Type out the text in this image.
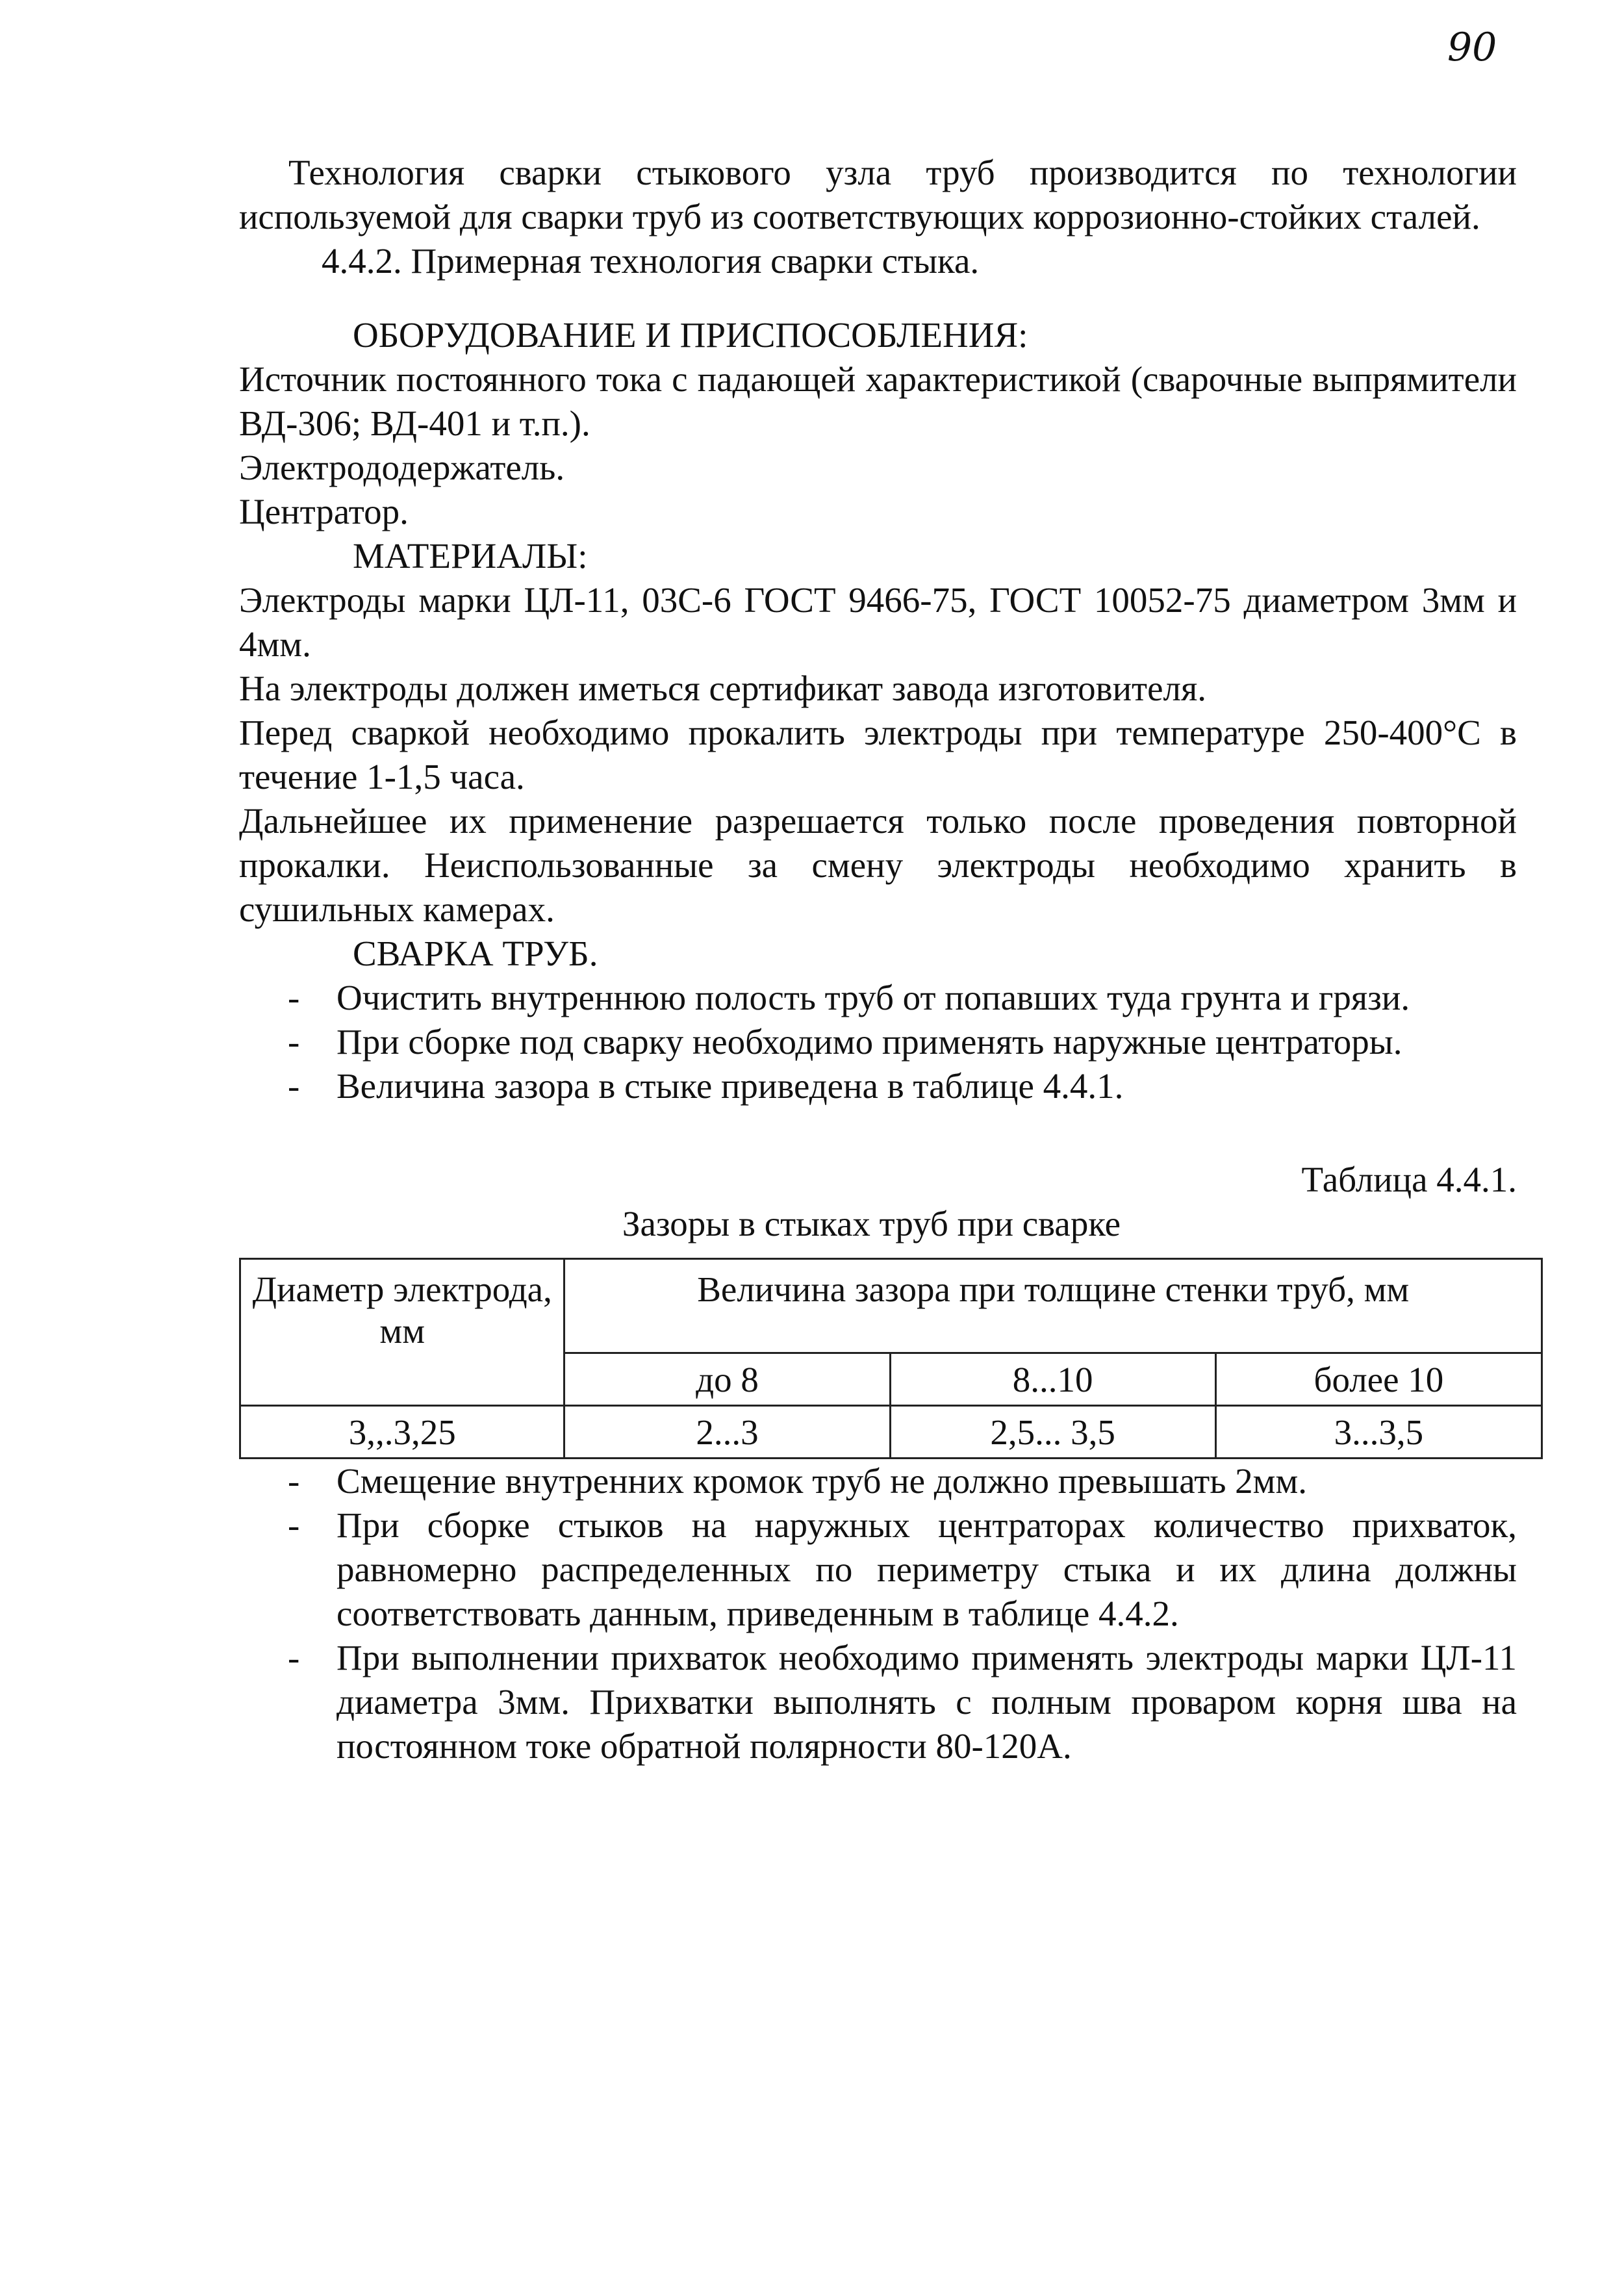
90

Технология сварки стыкового узла труб производится по технологии используемой для сварки труб из соответствующих коррозионно-стойких сталей.

4.4.2. Примерная технология сварки стыка.

ОБОРУДОВАНИЕ И ПРИСПОСОБЛЕНИЯ:

Источник постоянного тока с падающей характеристикой (сварочные выпрямители ВД-306; ВД-401 и т.п.).

Электрододержатель.

Центратор.

МАТЕРИАЛЫ:

Электроды марки ЦЛ-11, 03С-6 ГОСТ 9466-75, ГОСТ 10052-75 диаметром 3мм и 4мм.

На электроды должен иметься сертификат завода изготовителя.

Перед сваркой необходимо прокалить электроды при температуре 250-400°С в течение 1-1,5 часа.

Дальнейшее их применение разрешается только после проведения повторной прокалки. Неиспользованные за смену электроды необходимо хранить в сушильных камерах.

СВАРКА ТРУБ.

- Очистить внутреннюю полость труб от попавших туда грунта и грязи.
- При сборке под сварку необходимо применять наружные центраторы.
- Величина зазора в стыке приведена в таблице 4.4.1.

Таблица 4.4.1.

Зазоры в стыках труб при сварке

Диаметр электрода, мм	Величина зазора при толщине стенки труб, мм		
	до 8	8...10	более 10
3,,.3,25	2...3	2,5... 3,5	3...3,5
- Смещение внутренних кромок труб не должно превышать 2мм.
- При сборке стыков на наружных центраторах количество прихваток, равномерно распределенных по периметру стыка и их длина должны соответствовать данным, приведенным в таблице 4.4.2.
- При выполнении прихваток необходимо применять электроды марки ЦЛ-11 диаметра 3мм. Прихватки выполнять с полным проваром корня шва на постоянном токе обратной полярности 80-120А.
